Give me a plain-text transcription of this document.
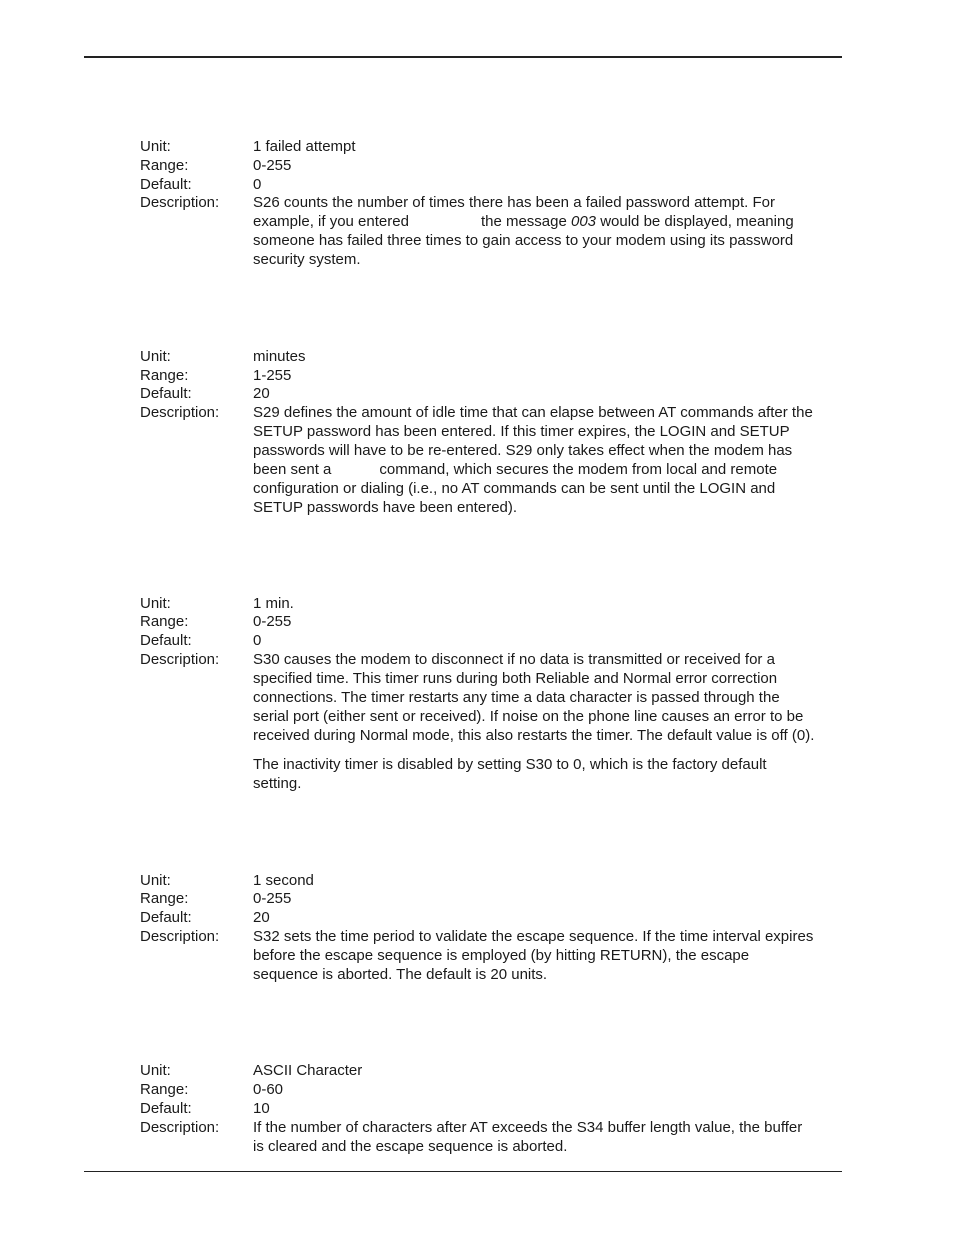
Unit:	1 failed attempt
Range:	0-255
Default:	0
Description:	S26 counts the number of times there has been a failed password attempt. For
example, if you entered	the message 003 would be displayed, meaning
someone has failed three times to gain access to your modem using its password
security system.
Unit:	minutes
Range:	1-255
Default:	20
Description:	S29 defines the amount of idle time that can elapse between AT commands after the
SETUP password has been entered. If this timer expires, the LOGIN and SETUP
passwords will have to be re-entered. S29 only takes effect when the modem has
been sent a	command, which secures the modem from local and remote
configuration or dialing (i.e., no AT commands can be sent until the LOGIN and
SETUP passwords have been entered).
Unit:	1 min.
Range:	0-255
Default:	0
Description:	S30 causes the modem to disconnect if no data is transmitted or received for a
specified time. This timer runs during both Reliable and Normal error correction
connections. The timer restarts any time a data character is passed through the
serial port (either sent or received). If noise on the phone line causes an error to be
received during Normal mode, this also restarts the timer. The default value is off (0).
The inactivity timer is disabled by setting S30 to 0, which is the factory default
setting.
Unit:	1 second
Range:	0-255
Default:	20
Description:	S32 sets the time period to validate the escape sequence. If the time interval expires
before the escape sequence is employed (by hitting RETURN), the escape
sequence is aborted. The default is 20 units.
Unit:	ASCII Character
Range:	0-60
Default:	10
Description:	If the number of characters after AT exceeds the S34 buffer length value, the buffer
is cleared and the escape sequence is aborted.
